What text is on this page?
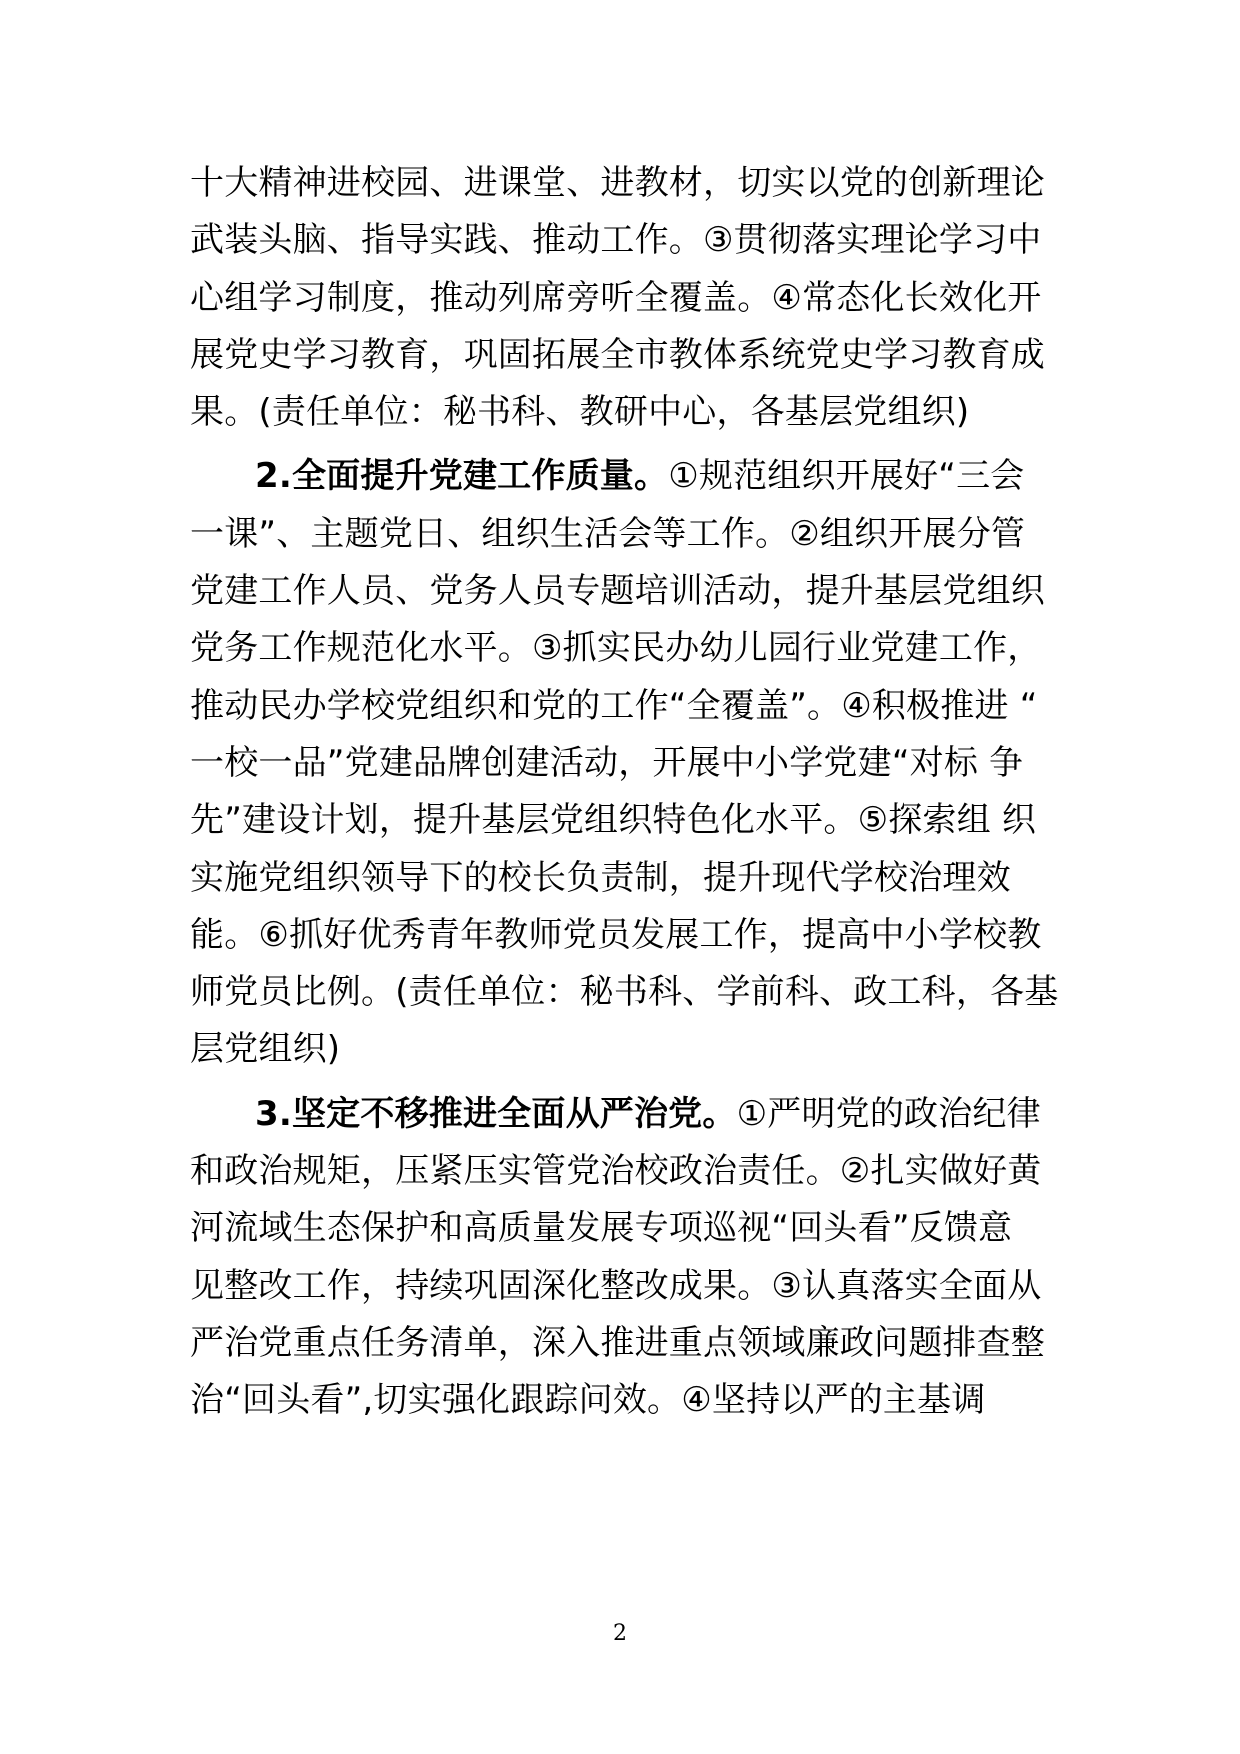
十大精神进校园、进课堂、进教材，切实以党的创新理论
武装头脑、指导实践、推动工作。③贯彻落实理论学习中
心组学习制度，推动列席旁听全覆盖。④常态化长效化开
展党史学习教育，巩固拓展全市教体系统党史学习教育成
果。(责任单位：秘书科、教研中心，各基层党组织)
2.全面提升党建工作质量。①规范组织开展好“三会
一课”、主题党日、组织生活会等工作。②组织开展分管
党建工作人员、党务人员专题培训活动，提升基层党组织
党务工作规范化水平。③抓实民办幼儿园行业党建工作，
推动民办学校党组织和党的工作“全覆盖”。④积极推进 “
一校一品”党建品牌创建活动，开展中小学党建“对标 争
先”建设计划，提升基层党组织特色化水平。⑤探索组 织
实施党组织领导下的校长负责制，提升现代学校治理效
能。⑥抓好优秀青年教师党员发展工作，提高中小学校教
师党员比例。(责任单位：秘书科、学前科、政工科，各基
层党组织)
3.坚定不移推进全面从严治党。①严明党的政治纪律
和政治规矩，压紧压实管党治校政治责任。②扎实做好黄
河流域生态保护和高质量发展专项巡视“回头看”反馈意
见整改工作，持续巩固深化整改成果。③认真落实全面从
严治党重点任务清单，深入推进重点领域廉政问题排查整
治“回头看”,切实强化跟踪问效。④坚持以严的主基调
2
